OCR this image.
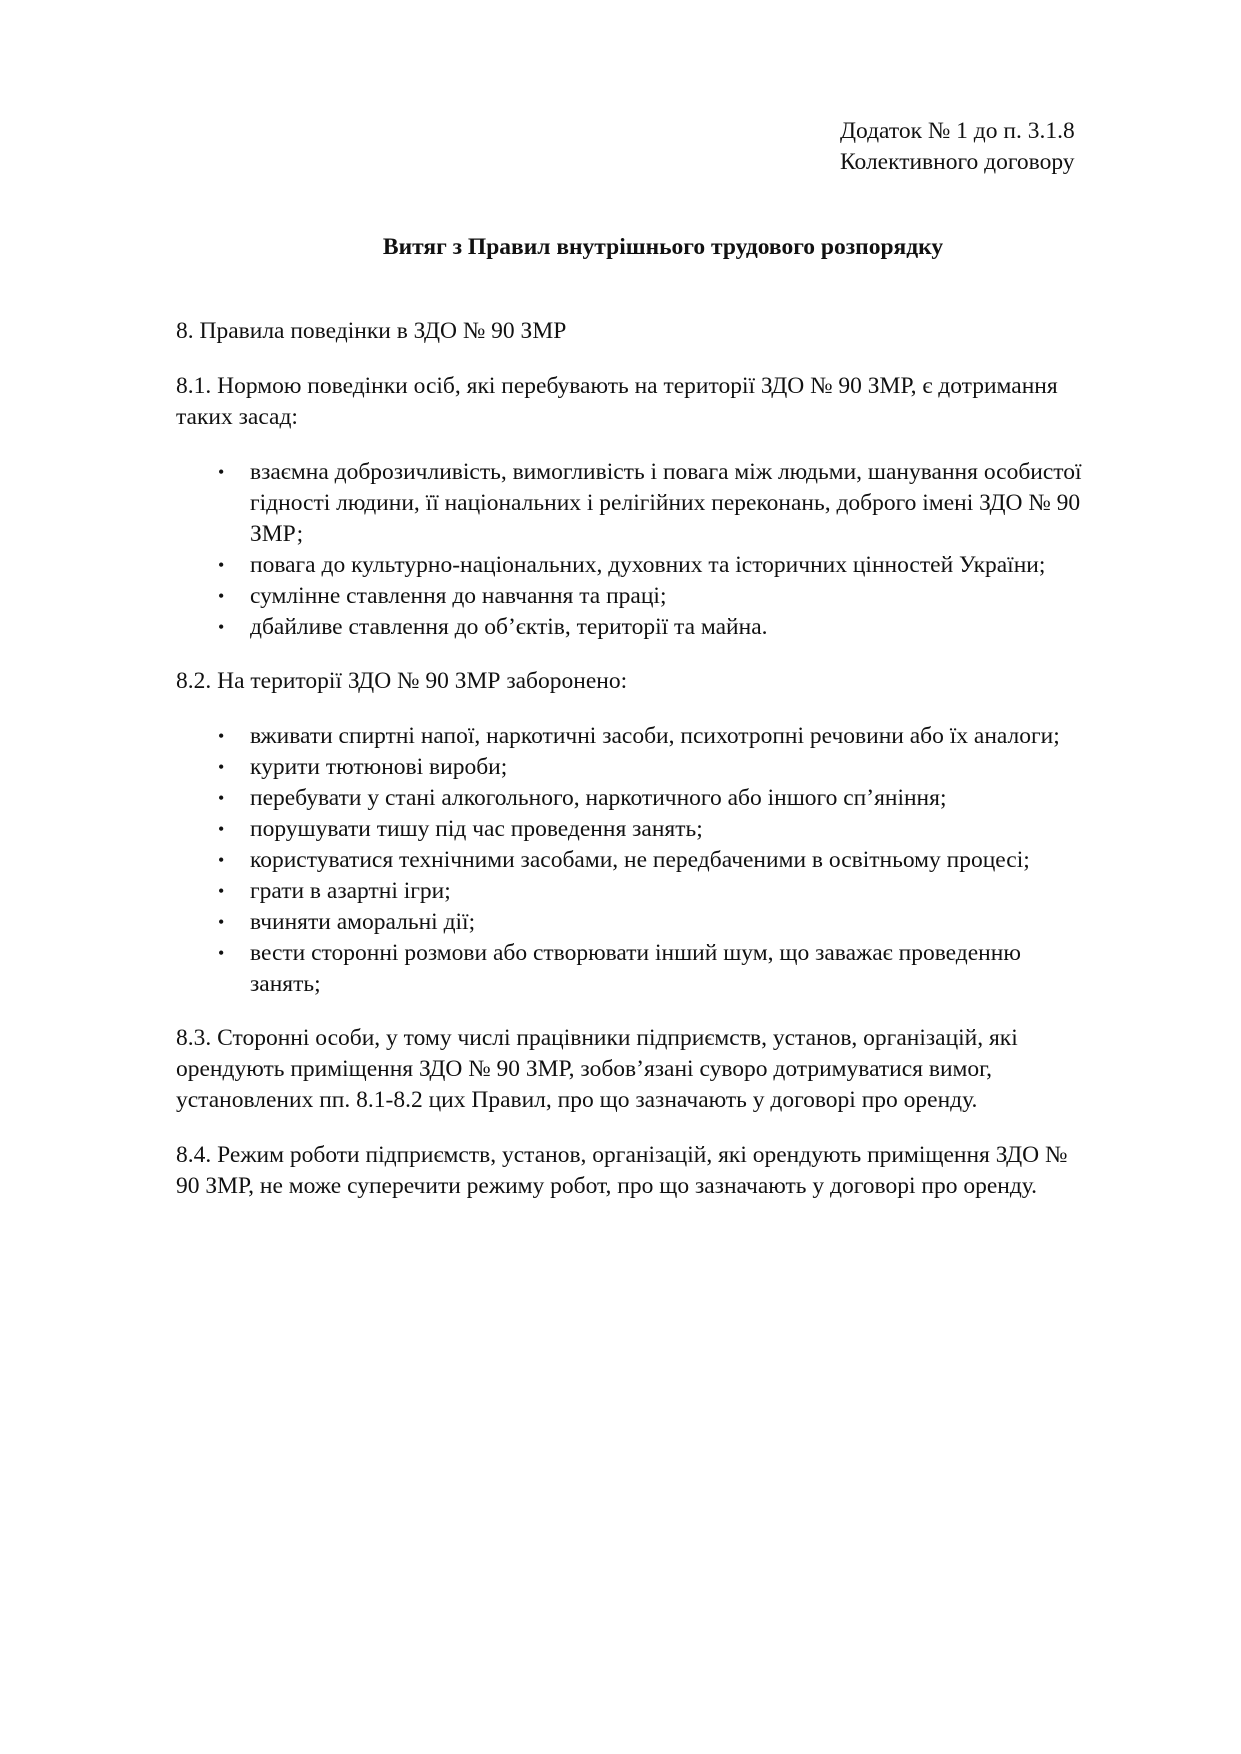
Додаток № 1 до п. 3.1.8
Колективного договору
Витяг з Правил внутрішнього трудового розпорядку

8. Правила поведінки в ЗДО № 90 ЗМР

8.1. Нормою поведінки осіб, які перебувають на території ЗДО № 90 ЗМР, є дотримання
таких засад:

• взаємна доброзичливість, вимогливість і повага між людьми, шанування особистої
гідності людини, її національних і релігійних переконань, доброго імені ЗДО № 90
ЗМР;
• повага до культурно-національних, духовних та історичних цінностей України;
• сумлінне ставлення до навчання та праці;
• дбайливе ставлення до об’єктів, території та майна.

8.2. На території ЗДО № 90 ЗМР заборонено:

• вживати спиртні напої, наркотичні засоби, психотропні речовини або їх аналоги;
• курити тютюнові вироби;
• перебувати у стані алкогольного, наркотичного або іншого сп’яніння;
• порушувати тишу під час проведення занять;
• користуватися технічними засобами, не передбаченими в освітньому процесі;
• грати в азартні ігри;
• вчиняти аморальні дії;
• вести сторонні розмови або створювати інший шум, що заважає проведенню
занять;

8.3. Сторонні особи, у тому числі працівники підприємств, установ, організацій, які
орендують приміщення ЗДО № 90 ЗМР, зобов’язані суворо дотримуватися вимог,
установлених пп. 8.1-8.2 цих Правил, про що зазначають у договорі про оренду.

8.4. Режим роботи підприємств, установ, організацій, які орендують приміщення ЗДО №
90 ЗМР, не може суперечити режиму робот, про що зазначають у договорі про оренду.
